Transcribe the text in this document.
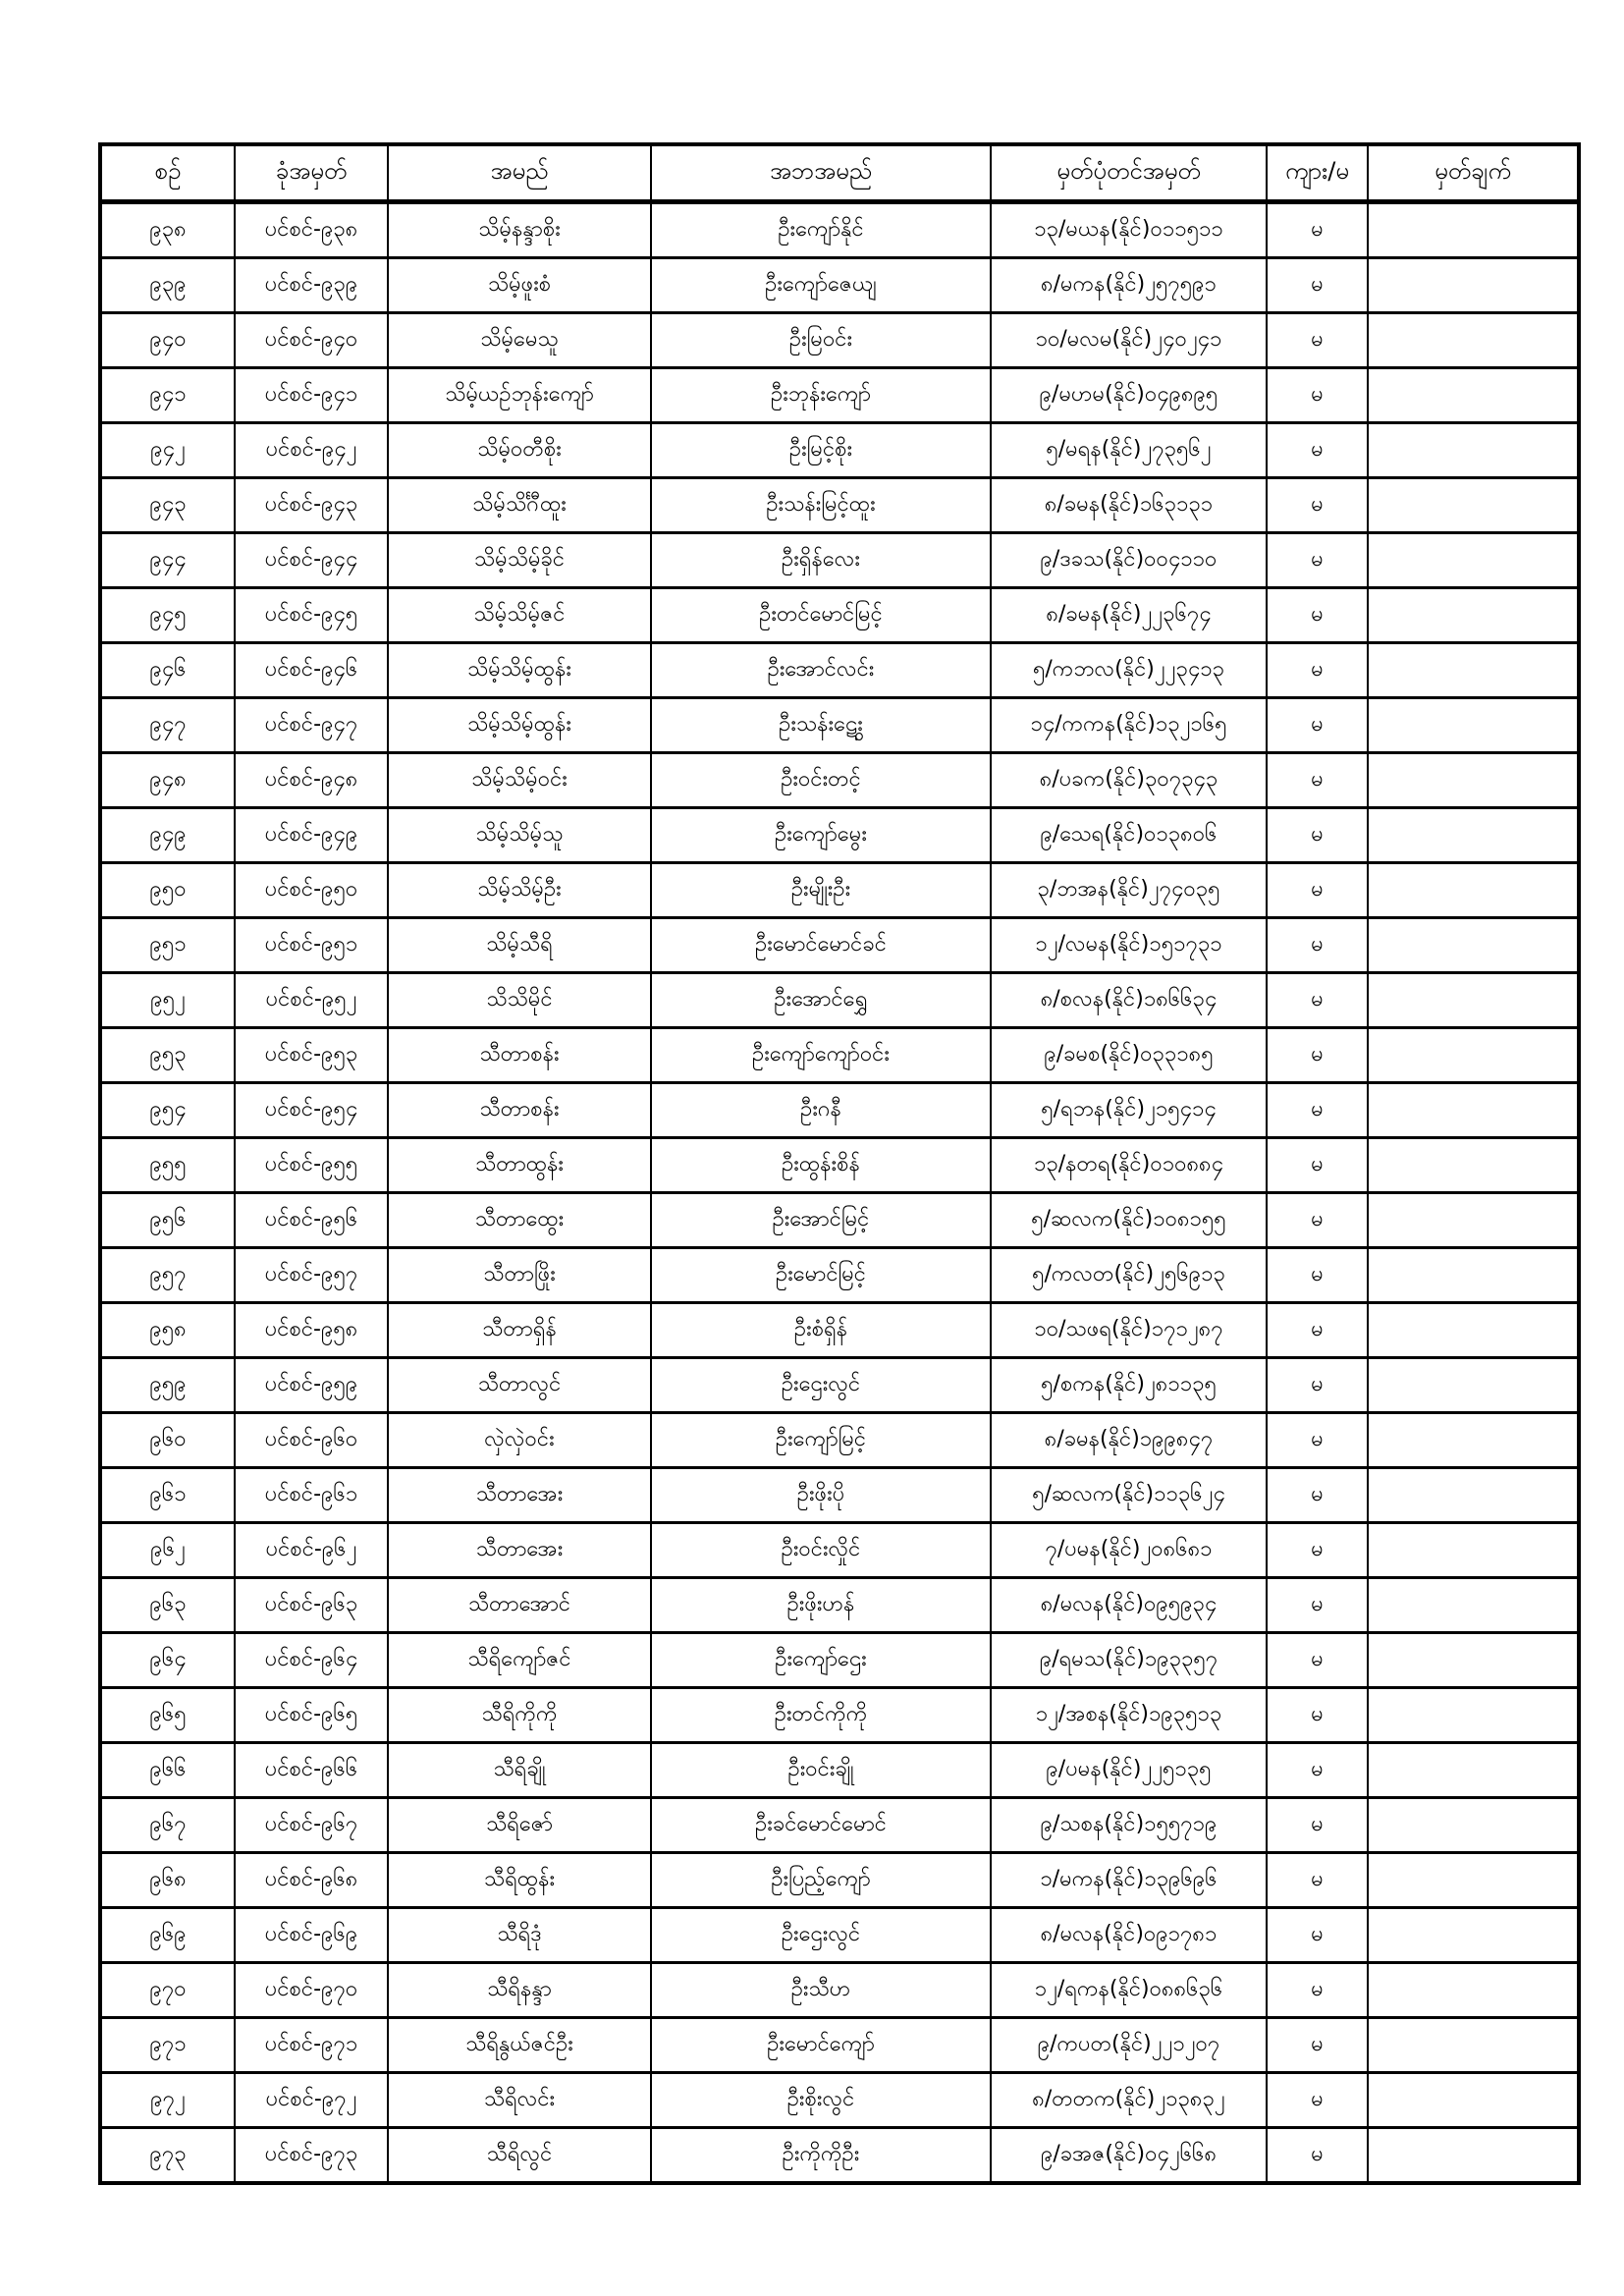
စဉ်	ခုံအမှတ်	အမည်	အဘအမည်	မှတ်ပုံတင်အမှတ်	ကျား/မ	မှတ်ချက်
၉၃၈	ပင်စင်-၉၃၈	သိမ့်နန္ဒာစိုး	ဦးကျော်နိုင်	၁၃/မယန(နိုင်)၀၁၁၅၁၁	မ	
၉၃၉	ပင်စင်-၉၃၉	သိမ့်ဖူးစံ	ဦးကျော်ဇေယျ	၈/မကန(နိုင်)၂၅၇၅၉၁	မ	
၉၄၀	ပင်စင်-၉၄၀	သိမ့်မေသူ	ဦးမြဝင်း	၁၀/မလမ(နိုင်)၂၄၀၂၄၁	မ	
၉၄၁	ပင်စင်-၉၄၁	သိမ့်ယဉ်ဘုန်းကျော်	ဦးဘုန်းကျော်	၉/မဟမ(နိုင်)၀၄၉၈၉၅	မ	
၉၄၂	ပင်စင်-၉၄၂	သိမ့်ဝတီစိုး	ဦးမြင့်စိုး	၅/မရန(နိုင်)၂၇၃၅၆၂	မ	
၉၄၃	ပင်စင်-၉၄၃	သိမ့်သိင်္ဂီထူး	ဦးသန်းမြင့်ထူး	၈/ခမန(နိုင်)၁၆၃၁၃၁	မ	
၉၄၄	ပင်စင်-၉၄၄	သိမ့်သိမ့်ခိုင်	ဦးရှိန်လေး	၉/ဒခသ(နိုင်)၀၀၄၁၁၀	မ	
၉၄၅	ပင်စင်-၉၄၅	သိမ့်သိမ့်ဇင်	ဦးတင်မောင်မြင့်	၈/ခမန(နိုင်)၂၂၃၆၇၄	မ	
၉၄၆	ပင်စင်-၉၄၆	သိမ့်သိမ့်ထွန်း	ဦးအောင်လင်း	၅/ကဘလ(နိုင်)၂၂၃၄၁၃	မ	
၉၄၇	ပင်စင်-၉၄၇	သိမ့်သိမ့်ထွန်း	ဦးသန်းဋွေး	၁၄/ကကန(နိုင်)၁၃၂၁၆၅	မ	
၉၄၈	ပင်စင်-၉၄၈	သိမ့်သိမ့်ဝင်း	ဦးဝင်းတင့်	၈/ပခက(နိုင်)၃၀၇၃၄၃	မ	
၉၄၉	ပင်စင်-၉၄၉	သိမ့်သိမ့်သူ	ဦးကျော်မွေး	၉/သေရ(နိုင်)၀၁၃၈၀၆	မ	
၉၅၀	ပင်စင်-၉၅၀	သိမ့်သိမ့်ဦး	ဦးမျိုးဦး	၃/ဘအန(နိုင်)၂၇၄၀၃၅	မ	
၉၅၁	ပင်စင်-၉၅၁	သိမ့်သီရိ	ဦးမောင်မောင်ခင်	၁၂/လမန(နိုင်)၁၅၁၇၃၁	မ	
၉၅၂	ပင်စင်-၉၅၂	သိသိမိုင်	ဦးအောင်ရွှေ	၈/စလန(နိုင်)၁၈၆၆၃၄	မ	
၉၅၃	ပင်စင်-၉၅၃	သီတာစန်း	ဦးကျော်ကျော်ဝင်း	၉/ခမစ(နိုင်)၀၃၃၁၈၅	မ	
၉၅၄	ပင်စင်-၉၅၄	သီတာစန်း	ဦးဂနီ	၅/ရဘန(နိုင်)၂၁၅၄၁၄	မ	
၉၅၅	ပင်စင်-၉၅၅	သီတာထွန်း	ဦးထွန်းစိန်	၁၃/နတရ(နိုင်)၀၁၀၈၈၄	မ	
၉၅၆	ပင်စင်-၉၅၆	သီတာထွေး	ဦးအောင်မြင့်	၅/ဆလက(နိုင်)၁၀၈၁၅၅	မ	
၉၅၇	ပင်စင်-၉၅၇	သီတာဖြိုး	ဦးမောင်မြင့်	၅/ကလတ(နိုင်)၂၅၆၉၁၃	မ	
၉၅၈	ပင်စင်-၉၅၈	သီတာရှိန်	ဦးစံရှိန်	၁၀/သဖရ(နိုင်)၁၇၁၂၈၇	မ	
၉၅၉	ပင်စင်-၉၅၉	သီတာလွင်	ဦးဌေးလွင်	၅/စကန(နိုင်)၂၈၁၁၃၅	မ	
၉၆၀	ပင်စင်-၉၆၀	လှဲလှဲဝင်း	ဦးကျော်မြင့်	၈/ခမန(နိုင်)၁၉၉၈၄၇	မ	
၉၆၁	ပင်စင်-၉၆၁	သီတာအေး	ဦးဖိုးပို	၅/ဆလက(နိုင်)၁၁၃၆၂၄	မ	
၉၆၂	ပင်စင်-၉၆၂	သီတာအေး	ဦးဝင်းလှိုင်	၇/ပမန(နိုင်)၂၀၈၆၈၁	မ	
၉၆၃	ပင်စင်-၉၆၃	သီတာအောင်	ဦးဖိုးဟန်	၈/မလန(နိုင်)၀၉၅၉၃၄	မ	
၉၆၄	ပင်စင်-၉၆၄	သီရိကျော်ဇင်	ဦးကျော်ဌေး	၉/ရမသ(နိုင်)၁၉၃၃၅၇	မ	
၉၆၅	ပင်စင်-၉၆၅	သီရိကိုကို	ဦးတင်ကိုကို	၁၂/အစန(နိုင်)၁၉၃၅၁၃	မ	
၉၆၆	ပင်စင်-၉၆၆	သီရိချို	ဦးဝင်းချို	၉/ပမန(နိုင်)၂၂၅၁၃၅	မ	
၉၆၇	ပင်စင်-၉၆၇	သီရိဇော်	ဦးခင်မောင်မောင်	၉/သစန(နိုင်)၁၅၅၇၁၉	မ	
၉၆၈	ပင်စင်-၉၆၈	သီရိထွန်း	ဦးပြည့်ကျော်	၁/မကန(နိုင်)၁၃၉၆၉၆	မ	
၉၆၉	ပင်စင်-၉၆၉	သီရိဒုံ	ဦးဌေးလွင်	၈/မလန(နိုင်)၀၉၁၇၈၁	မ	
၉၇၀	ပင်စင်-၉၇၀	သီရိနန္ဒာ	ဦးသီဟ	၁၂/ရကန(နိုင်)၀၈၈၆၃၆	မ	
၉၇၁	ပင်စင်-၉၇၁	သီရိနွယ်ဇင်ဦး	ဦးမောင်ကျော်	၉/ကပတ(နိုင်)၂၂၁၂၀၇	မ	
၉၇၂	ပင်စင်-၉၇၂	သီရိလင်း	ဦးစိုးလွင်	၈/တတက(နိုင်)၂၁၃၈၃၂	မ	
၉၇၃	ပင်စင်-၉၇၃	သီရိလွင်	ဦးကိုကိုဦး	၉/ခအဇ(နိုင်)၀၄၂၆၆၈	မ	
